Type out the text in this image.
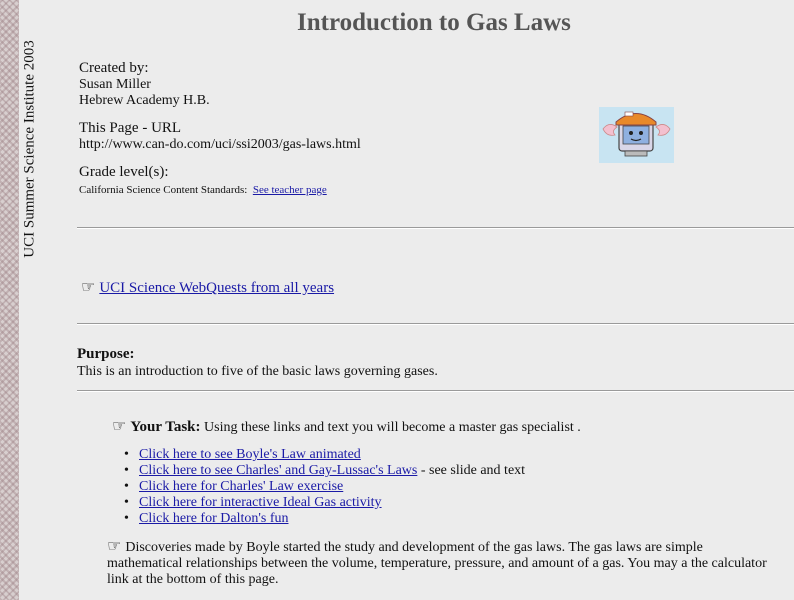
UCI Summer Science Institute 2003
Introduction to Gas Laws
Created by:
Susan Miller
Hebrew Academy H.B.
This Page - URL
http://www.can-do.com/uci/ssi2003/gas-laws.html
Grade level(s):
California Science Content Standards: See teacher page
☞ UCI Science WebQuests from all years
Purpose:
This is an introduction to five of the basic laws governing gases.
☞ Your Task: Using these links and text you will become a master gas specialist .
• Click here to see Boyle's Law animated
• Click here to see Charles' and Gay-Lussac's Laws - see slide and text
• Click here for Charles' Law exercise
• Click here for interactive Ideal Gas activity
• Click here for Dalton's fun
☞ Discoveries made by Boyle started the study and development of the gas laws. The gas laws are simple mathematical relationships between the volume, temperature, pressure, and amount of a gas. You may a the calculator link at the bottom of this page.
